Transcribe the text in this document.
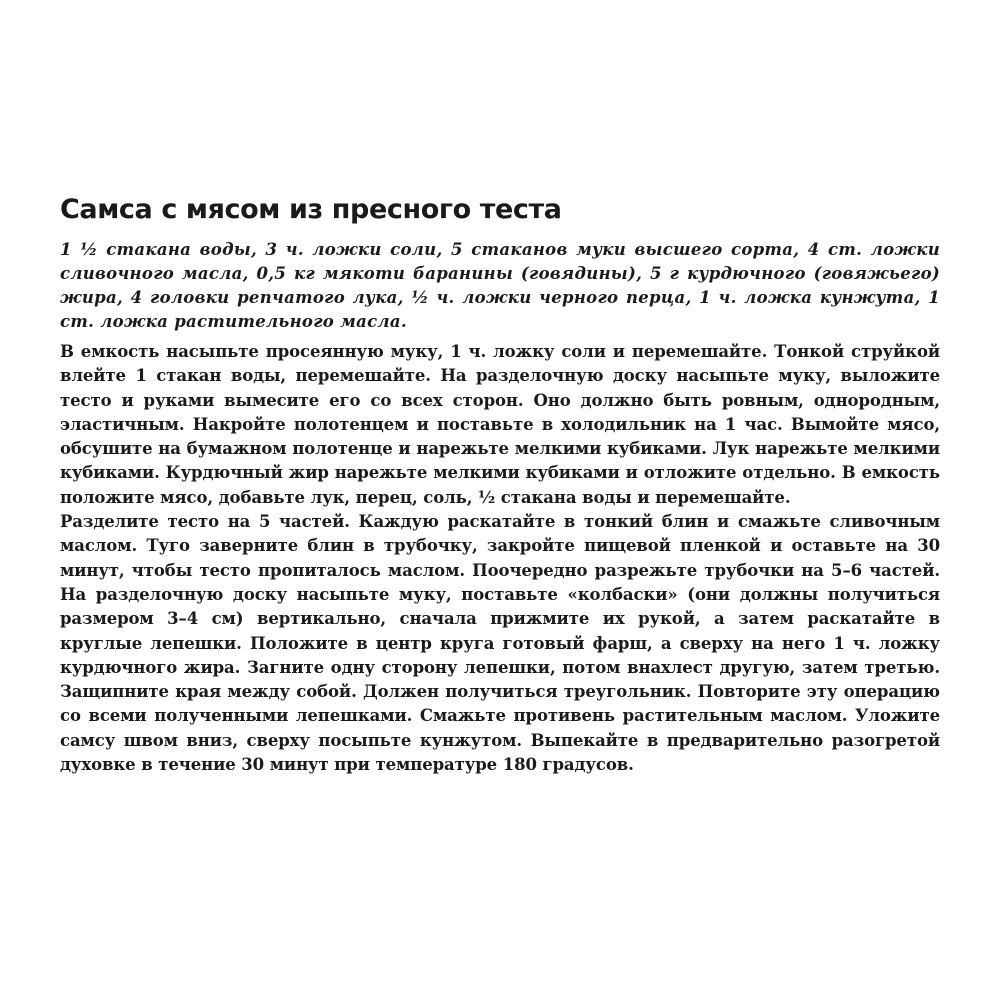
Самса с мясом из пресного теста

1 ½ стакана воды, 3 ч. ложки соли, 5 стаканов муки высшего сорта, 4 ст. ложки сливочного масла, 0,5 кг мякоти баранины (говядины), 5 г курдючного (говяжьего) жира, 4 головки репчатого лука, ½ ч. ложки черного перца, 1 ч. ложка кунжута, 1 ст. ложка растительного масла.

В емкость насыпьте просеянную муку, 1 ч. ложку соли и перемешайте. Тонкой струйкой влейте 1 стакан воды, перемешайте. На разделочную доску насыпьте муку, выложите тесто и руками вымесите его со всех сторон. Оно должно быть ровным, однородным, эластичным. Накройте полотенцем и поставьте в холодильник на 1 час. Вымойте мясо, обсушите на бумажном полотенце и нарежьте мелкими кубиками. Лук нарежьте мелкими кубиками. Курдючный жир нарежьте мелкими кубиками и отложите отдельно. В емкость положите мясо, добавьте лук, перец, соль, ½ стакана воды и перемешайте.

Разделите тесто на 5 частей. Каждую раскатайте в тонкий блин и смажьте сливочным маслом. Туго заверните блин в трубочку, закройте пищевой пленкой и оставьте на 30 минут, чтобы тесто пропиталось маслом. Поочередно разрежьте трубочки на 5–6 частей. На разделочную доску насыпьте муку, поставьте «колбаски» (они должны получиться размером 3–4 см) вертикально, сначала прижмите их рукой, а затем раскатайте в круглые лепешки. Положите в центр круга готовый фарш, а сверху на него 1 ч. ложку курдючного жира. Загните одну сторону лепешки, потом внахлест другую, затем третью. Защипните края между собой. Должен получиться треугольник. Повторите эту операцию со всеми полученными лепешками. Смажьте противень растительным маслом. Уложите самсу швом вниз, сверху посыпьте кунжутом. Выпекайте в предварительно разогретой духовке в течение 30 минут при температуре 180 градусов.
